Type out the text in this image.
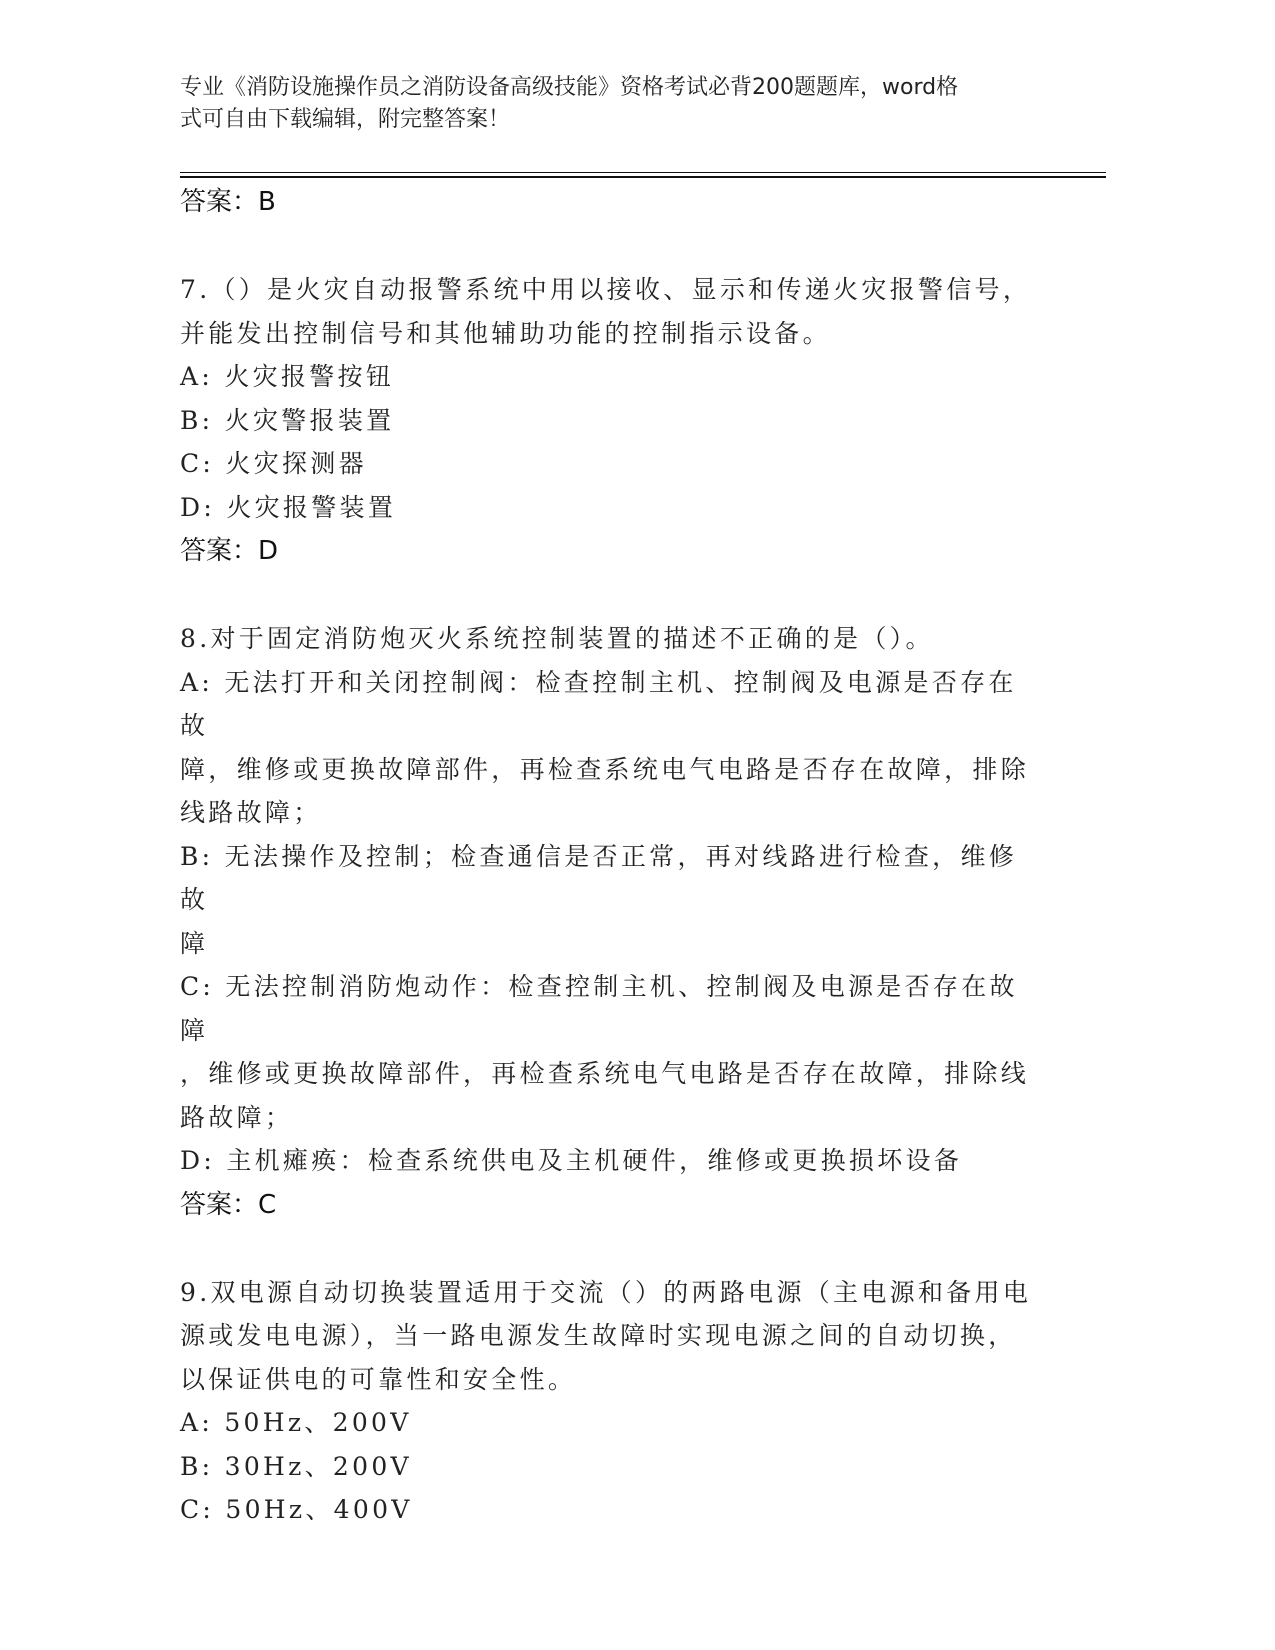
专业《消防设施操作员之消防设备高级技能》资格考试必背200题题库，word格
式可自由下载编辑，附完整答案！
答案：B
7.（）是火灾自动报警系统中用以接收、显示和传递火灾报警信号，
并能发出控制信号和其他辅助功能的控制指示设备。
A: 火灾报警按钮
B: 火灾警报装置
C: 火灾探测器
D: 火灾报警装置
答案：D
8.对于固定消防炮灭火系统控制装置的描述不正确的是（）。
A: 无法打开和关闭控制阀：检查控制主机、控制阀及电源是否存在故
障，维修或更换故障部件，再检查系统电气电路是否存在故障，排除
线路故障；
B: 无法操作及控制；检查通信是否正常，再对线路进行检查，维修故
障
C: 无法控制消防炮动作：检查控制主机、控制阀及电源是否存在故障
，维修或更换故障部件，再检查系统电气电路是否存在故障，排除线
路故障；
D: 主机瘫痪：检查系统供电及主机硬件，维修或更换损坏设备
答案：C
9.双电源自动切换装置适用于交流（）的两路电源（主电源和备用电
源或发电电源），当一路电源发生故障时实现电源之间的自动切换，
以保证供电的可靠性和安全性。
A: 50Hz、200V
B: 30Hz、200V
C: 50Hz、400V
